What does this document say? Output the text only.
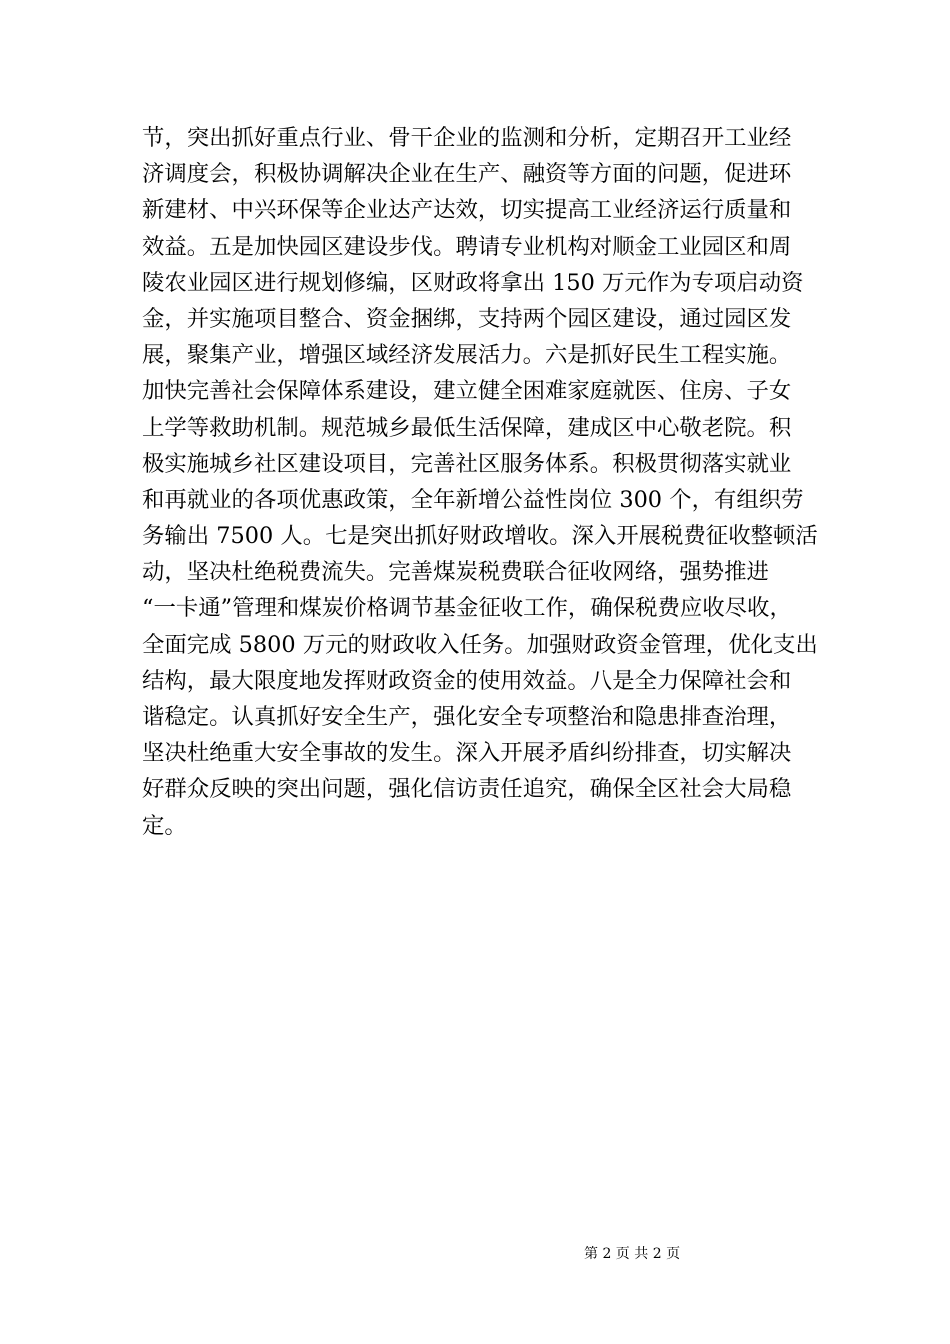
节，突出抓好重点行业、骨干企业的监测和分析，定期召开工业经
济调度会，积极协调解决企业在生产、融资等方面的问题，促进环
新建材、中兴环保等企业达产达效，切实提高工业经济运行质量和
效益。五是加快园区建设步伐。聘请专业机构对顺金工业园区和周
陵农业园区进行规划修编，区财政将拿出 150 万元作为专项启动资
金，并实施项目整合、资金捆绑，支持两个园区建设，通过园区发
展，聚集产业，增强区域经济发展活力。六是抓好民生工程实施。
加快完善社会保障体系建设，建立健全困难家庭就医、住房、子女
上学等救助机制。规范城乡最低生活保障，建成区中心敬老院。积
极实施城乡社区建设项目，完善社区服务体系。积极贯彻落实就业
和再就业的各项优惠政策，全年新增公益性岗位 300 个，有组织劳
务输出 7500 人。七是突出抓好财政增收。深入开展税费征收整顿活
动，坚决杜绝税费流失。完善煤炭税费联合征收网络，强势推进
“一卡通”管理和煤炭价格调节基金征收工作，确保税费应收尽收，
全面完成 5800 万元的财政收入任务。加强财政资金管理，优化支出
结构，最大限度地发挥财政资金的使用效益。八是全力保障社会和
谐稳定。认真抓好安全生产，强化安全专项整治和隐患排查治理，
坚决杜绝重大安全事故的发生。深入开展矛盾纠纷排查，切实解决
好群众反映的突出问题，强化信访责任追究，确保全区社会大局稳
定。
第 2 页 共 2 页
